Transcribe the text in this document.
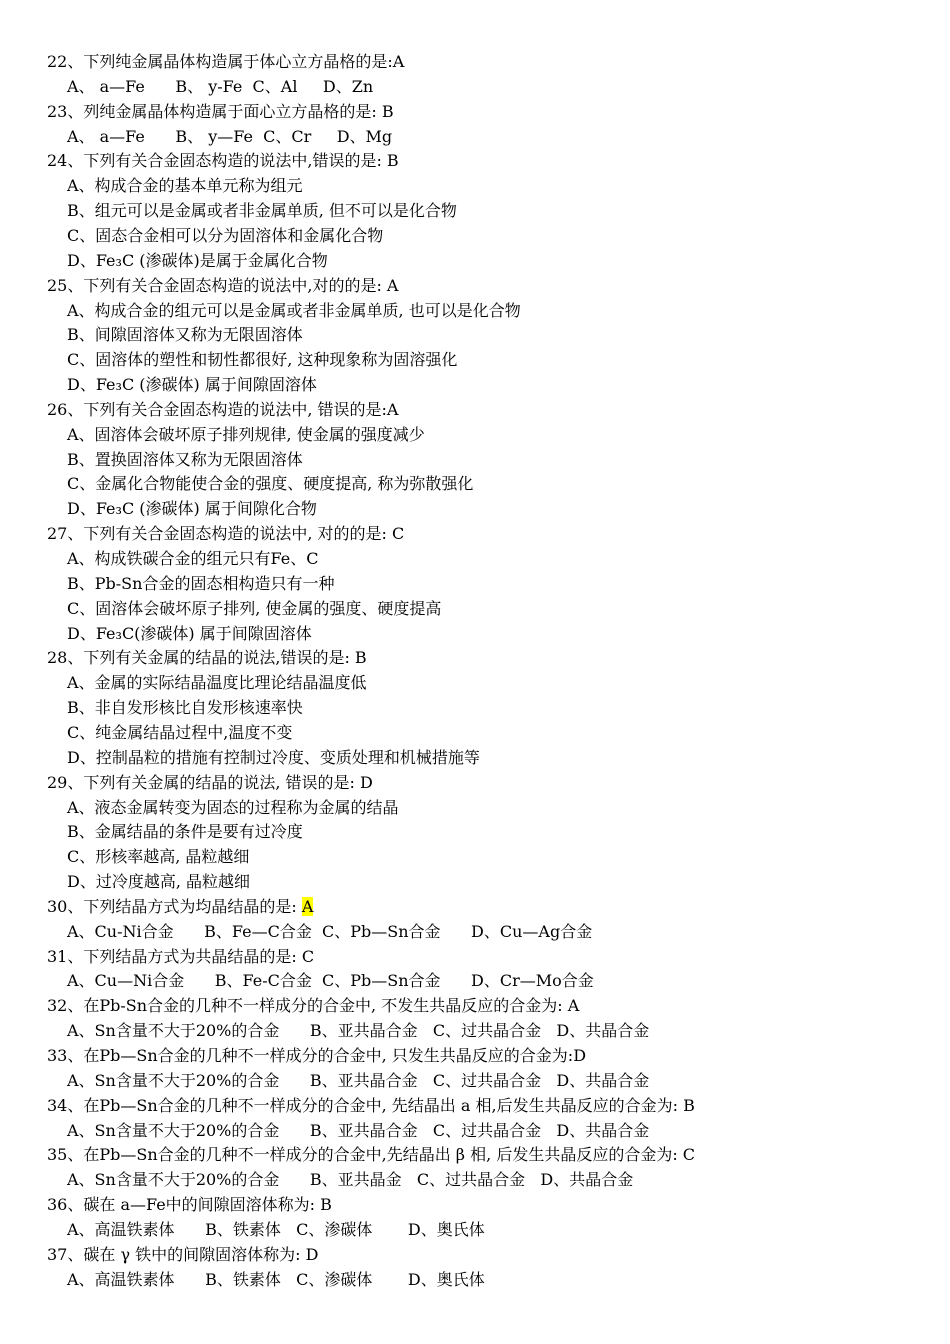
22、下列纯金属晶体构造属于体心立方晶格的是:A
A、 a—Fe      B、 y-Fe  C、Al     D、Zn
23、列纯金属晶体构造属于面心立方晶格的是: B
A、 a—Fe      B、 y—Fe  C、Cr     D、Mg
24、下列有关合金固态构造的说法中,错误的是: B
A、构成合金的基本单元称为组元
B、组元可以是金属或者非金属单质, 但不可以是化合物
C、固态合金相可以分为固溶体和金属化合物
D、Fe₃C (渗碳体)是属于金属化合物
25、下列有关合金固态构造的说法中,对的的是: A
A、构成合金的组元可以是金属或者非金属单质, 也可以是化合物
B、间隙固溶体又称为无限固溶体
C、固溶体的塑性和韧性都很好, 这种现象称为固溶强化
D、Fe₃C (渗碳体) 属于间隙固溶体
26、下列有关合金固态构造的说法中, 错误的是:A
A、固溶体会破坏原子排列规律, 使金属的强度减少
B、置换固溶体又称为无限固溶体
C、金属化合物能使合金的强度、硬度提高, 称为弥散强化
D、Fe₃C (渗碳体) 属于间隙化合物
27、下列有关合金固态构造的说法中, 对的的是: C
A、构成铁碳合金的组元只有Fe、C
B、Pb-Sn合金的固态相构造只有一种
C、固溶体会破坏原子排列, 使金属的强度、硬度提高
D、Fe₃C(渗碳体) 属于间隙固溶体
28、下列有关金属的结晶的说法,错误的是: B
A、金属的实际结晶温度比理论结晶温度低
B、非自发形核比自发形核速率快
C、纯金属结晶过程中,温度不变
D、控制晶粒的措施有控制过冷度、变质处理和机械措施等
29、下列有关金属的结晶的说法, 错误的是: D
A、液态金属转变为固态的过程称为金属的结晶
B、金属结晶的条件是要有过冷度
C、形核率越高, 晶粒越细
D、过冷度越高, 晶粒越细
30、下列结晶方式为均晶结晶的是: A
A、Cu-Ni合金      B、Fe—C合金  C、Pb—Sn合金      D、Cu—Ag合金
31、下列结晶方式为共晶结晶的是: C
A、Cu—Ni合金      B、Fe-C合金  C、Pb—Sn合金      D、Cr—Mo合金
32、在Pb-Sn合金的几种不一样成分的合金中, 不发生共晶反应的合金为: A
A、Sn含量不大于20%的合金      B、亚共晶合金   C、过共晶合金   D、共晶合金
33、在Pb—Sn合金的几种不一样成分的合金中, 只发生共晶反应的合金为:D
A、Sn含量不大于20%的合金      B、亚共晶合金   C、过共晶合金   D、共晶合金
34、在Pb—Sn合金的几种不一样成分的合金中, 先结晶出 a 相,后发生共晶反应的合金为: B
A、Sn含量不大于20%的合金      B、亚共晶合金   C、过共晶合金   D、共晶合金
35、在Pb—Sn合金的几种不一样成分的合金中,先结晶出 β 相, 后发生共晶反应的合金为: C
A、Sn含量不大于20%的合金      B、亚共晶金   C、过共晶合金   D、共晶合金
36、碳在 a—Fe中的间隙固溶体称为: B
A、高温铁素体      B、铁素体   C、渗碳体       D、奥氏体
37、碳在 γ 铁中的间隙固溶体称为: D
A、高温铁素体      B、铁素体   C、渗碳体       D、奥氏体
